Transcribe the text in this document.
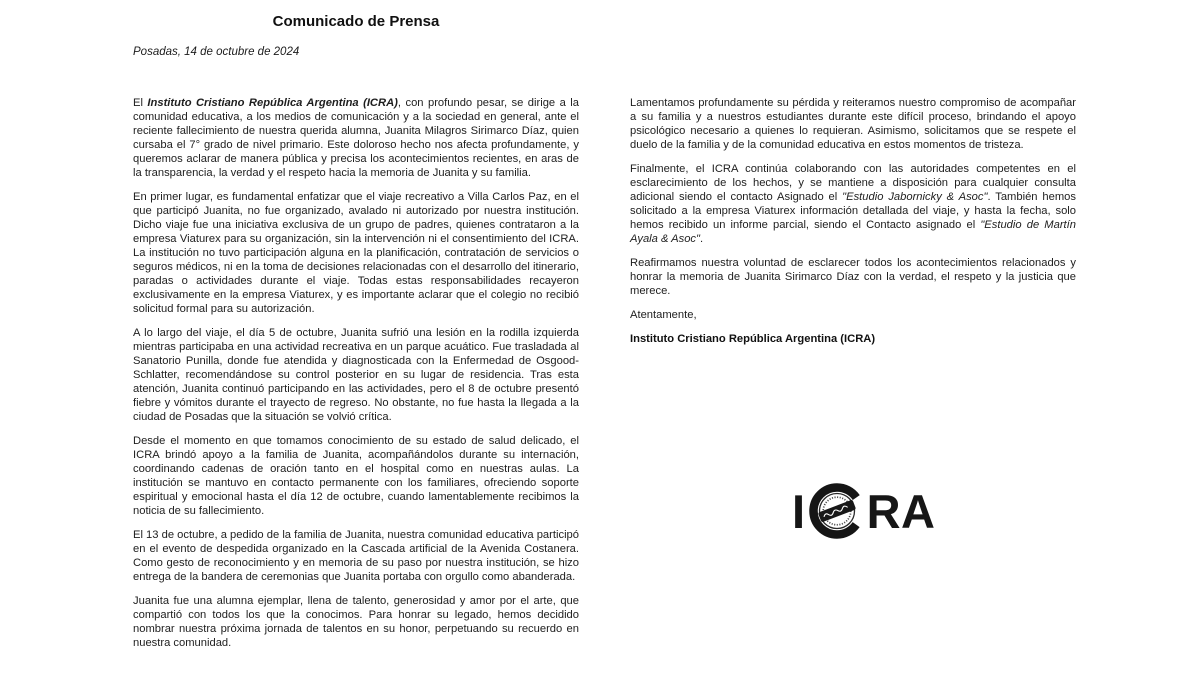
Comunicado de Prensa
Posadas, 14 de octubre de 2024

El Instituto Cristiano República Argentina (ICRA), con profundo pesar, se dirige a la comunidad educativa, a los medios de comunicación y a la sociedad en general, ante el reciente fallecimiento de nuestra querida alumna, Juanita Milagros Sirimarco Díaz, quien cursaba el 7° grado de nivel primario. Este doloroso hecho nos afecta profundamente, y queremos aclarar de manera pública y precisa los acontecimientos recientes, en aras de la transparencia, la verdad y el respeto hacia la memoria de Juanita y su familia.

En primer lugar, es fundamental enfatizar que el viaje recreativo a Villa Carlos Paz, en el que participó Juanita, no fue organizado, avalado ni autorizado por nuestra institución. Dicho viaje fue una iniciativa exclusiva de un grupo de padres, quienes contrataron a la empresa Viaturex para su organización, sin la intervención ni el consentimiento del ICRA. La institución no tuvo participación alguna en la planificación, contratación de servicios o seguros médicos, ni en la toma de decisiones relacionadas con el desarrollo del itinerario, paradas o actividades durante el viaje. Todas estas responsabilidades recayeron exclusivamente en la empresa Viaturex, y es importante aclarar que el colegio no recibió solicitud formal para su autorización.

A lo largo del viaje, el día 5 de octubre, Juanita sufrió una lesión en la rodilla izquierda mientras participaba en una actividad recreativa en un parque acuático. Fue trasladada al Sanatorio Punilla, donde fue atendida y diagnosticada con la Enfermedad de Osgood-Schlatter, recomendándose su control posterior en su lugar de residencia. Tras esta atención, Juanita continuó participando en las actividades, pero el 8 de octubre presentó fiebre y vómitos durante el trayecto de regreso. No obstante, no fue hasta la llegada a la ciudad de Posadas que la situación se volvió crítica.

Desde el momento en que tomamos conocimiento de su estado de salud delicado, el ICRA brindó apoyo a la familia de Juanita, acompañándolos durante su internación, coordinando cadenas de oración tanto en el hospital como en nuestras aulas. La institución se mantuvo en contacto permanente con los familiares, ofreciendo soporte espiritual y emocional hasta el día 12 de octubre, cuando lamentablemente recibimos la noticia de su fallecimiento.

El 13 de octubre, a pedido de la familia de Juanita, nuestra comunidad educativa participó en el evento de despedida organizado en la Cascada artificial de la Avenida Costanera. Como gesto de reconocimiento y en memoria de su paso por nuestra institución, se hizo entrega de la bandera de ceremonias que Juanita portaba con orgullo como abanderada.

Juanita fue una alumna ejemplar, llena de talento, generosidad y amor por el arte, que compartió con todos los que la conocimos. Para honrar su legado, hemos decidido nombrar nuestra próxima jornada de talentos en su honor, perpetuando su recuerdo en nuestra comunidad.

Lamentamos profundamente su pérdida y reiteramos nuestro compromiso de acompañar a su familia y a nuestros estudiantes durante este difícil proceso, brindando el apoyo psicológico necesario a quienes lo requieran. Asimismo, solicitamos que se respete el duelo de la familia y de la comunidad educativa en estos momentos de tristeza.

Finalmente, el ICRA continúa colaborando con las autoridades competentes en el esclarecimiento de los hechos, y se mantiene a disposición para cualquier consulta adicional siendo el contacto Asignado el "Estudio Jabornicky & Asoc". También hemos solicitado a la empresa Viaturex información detallada del viaje, y hasta la fecha, solo hemos recibido un informe parcial, siendo el Contacto asignado el "Estudio de Martín Ayala & Asoc".

Reafirmamos nuestra voluntad de esclarecer todos los acontecimientos relacionados y honrar la memoria de Juanita Sirimarco Díaz con la verdad, el respeto y la justicia que merece.

Atentamente,

Instituto Cristiano República Argentina (ICRA)

I RA
